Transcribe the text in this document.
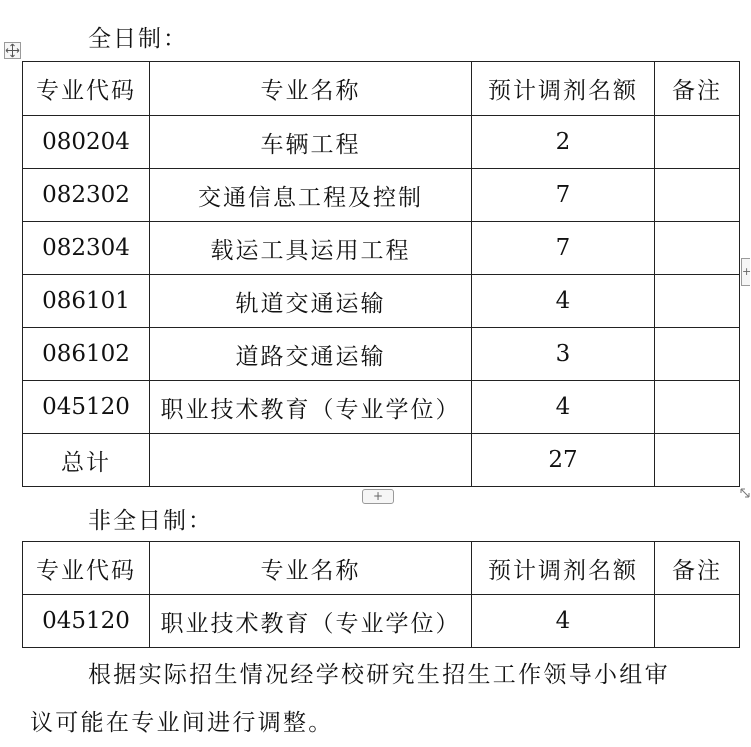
全日制：
专业代码	专业名称	预计调剂名额	备注
080204	车辆工程	2	
082302	交通信息工程及控制	7	
082304	载运工具运用工程	7	
086101	轨道交通运输	4	
086102	道路交通运输	3	
045120	职业技术教育（专业学位）	4	
总计		27	
+
+
非全日制：
专业代码	专业名称	预计调剂名额	备注
045120	职业技术教育（专业学位）	4	
根据实际招生情况经学校研究生招生工作领导小组审
议可能在专业间进行调整。
